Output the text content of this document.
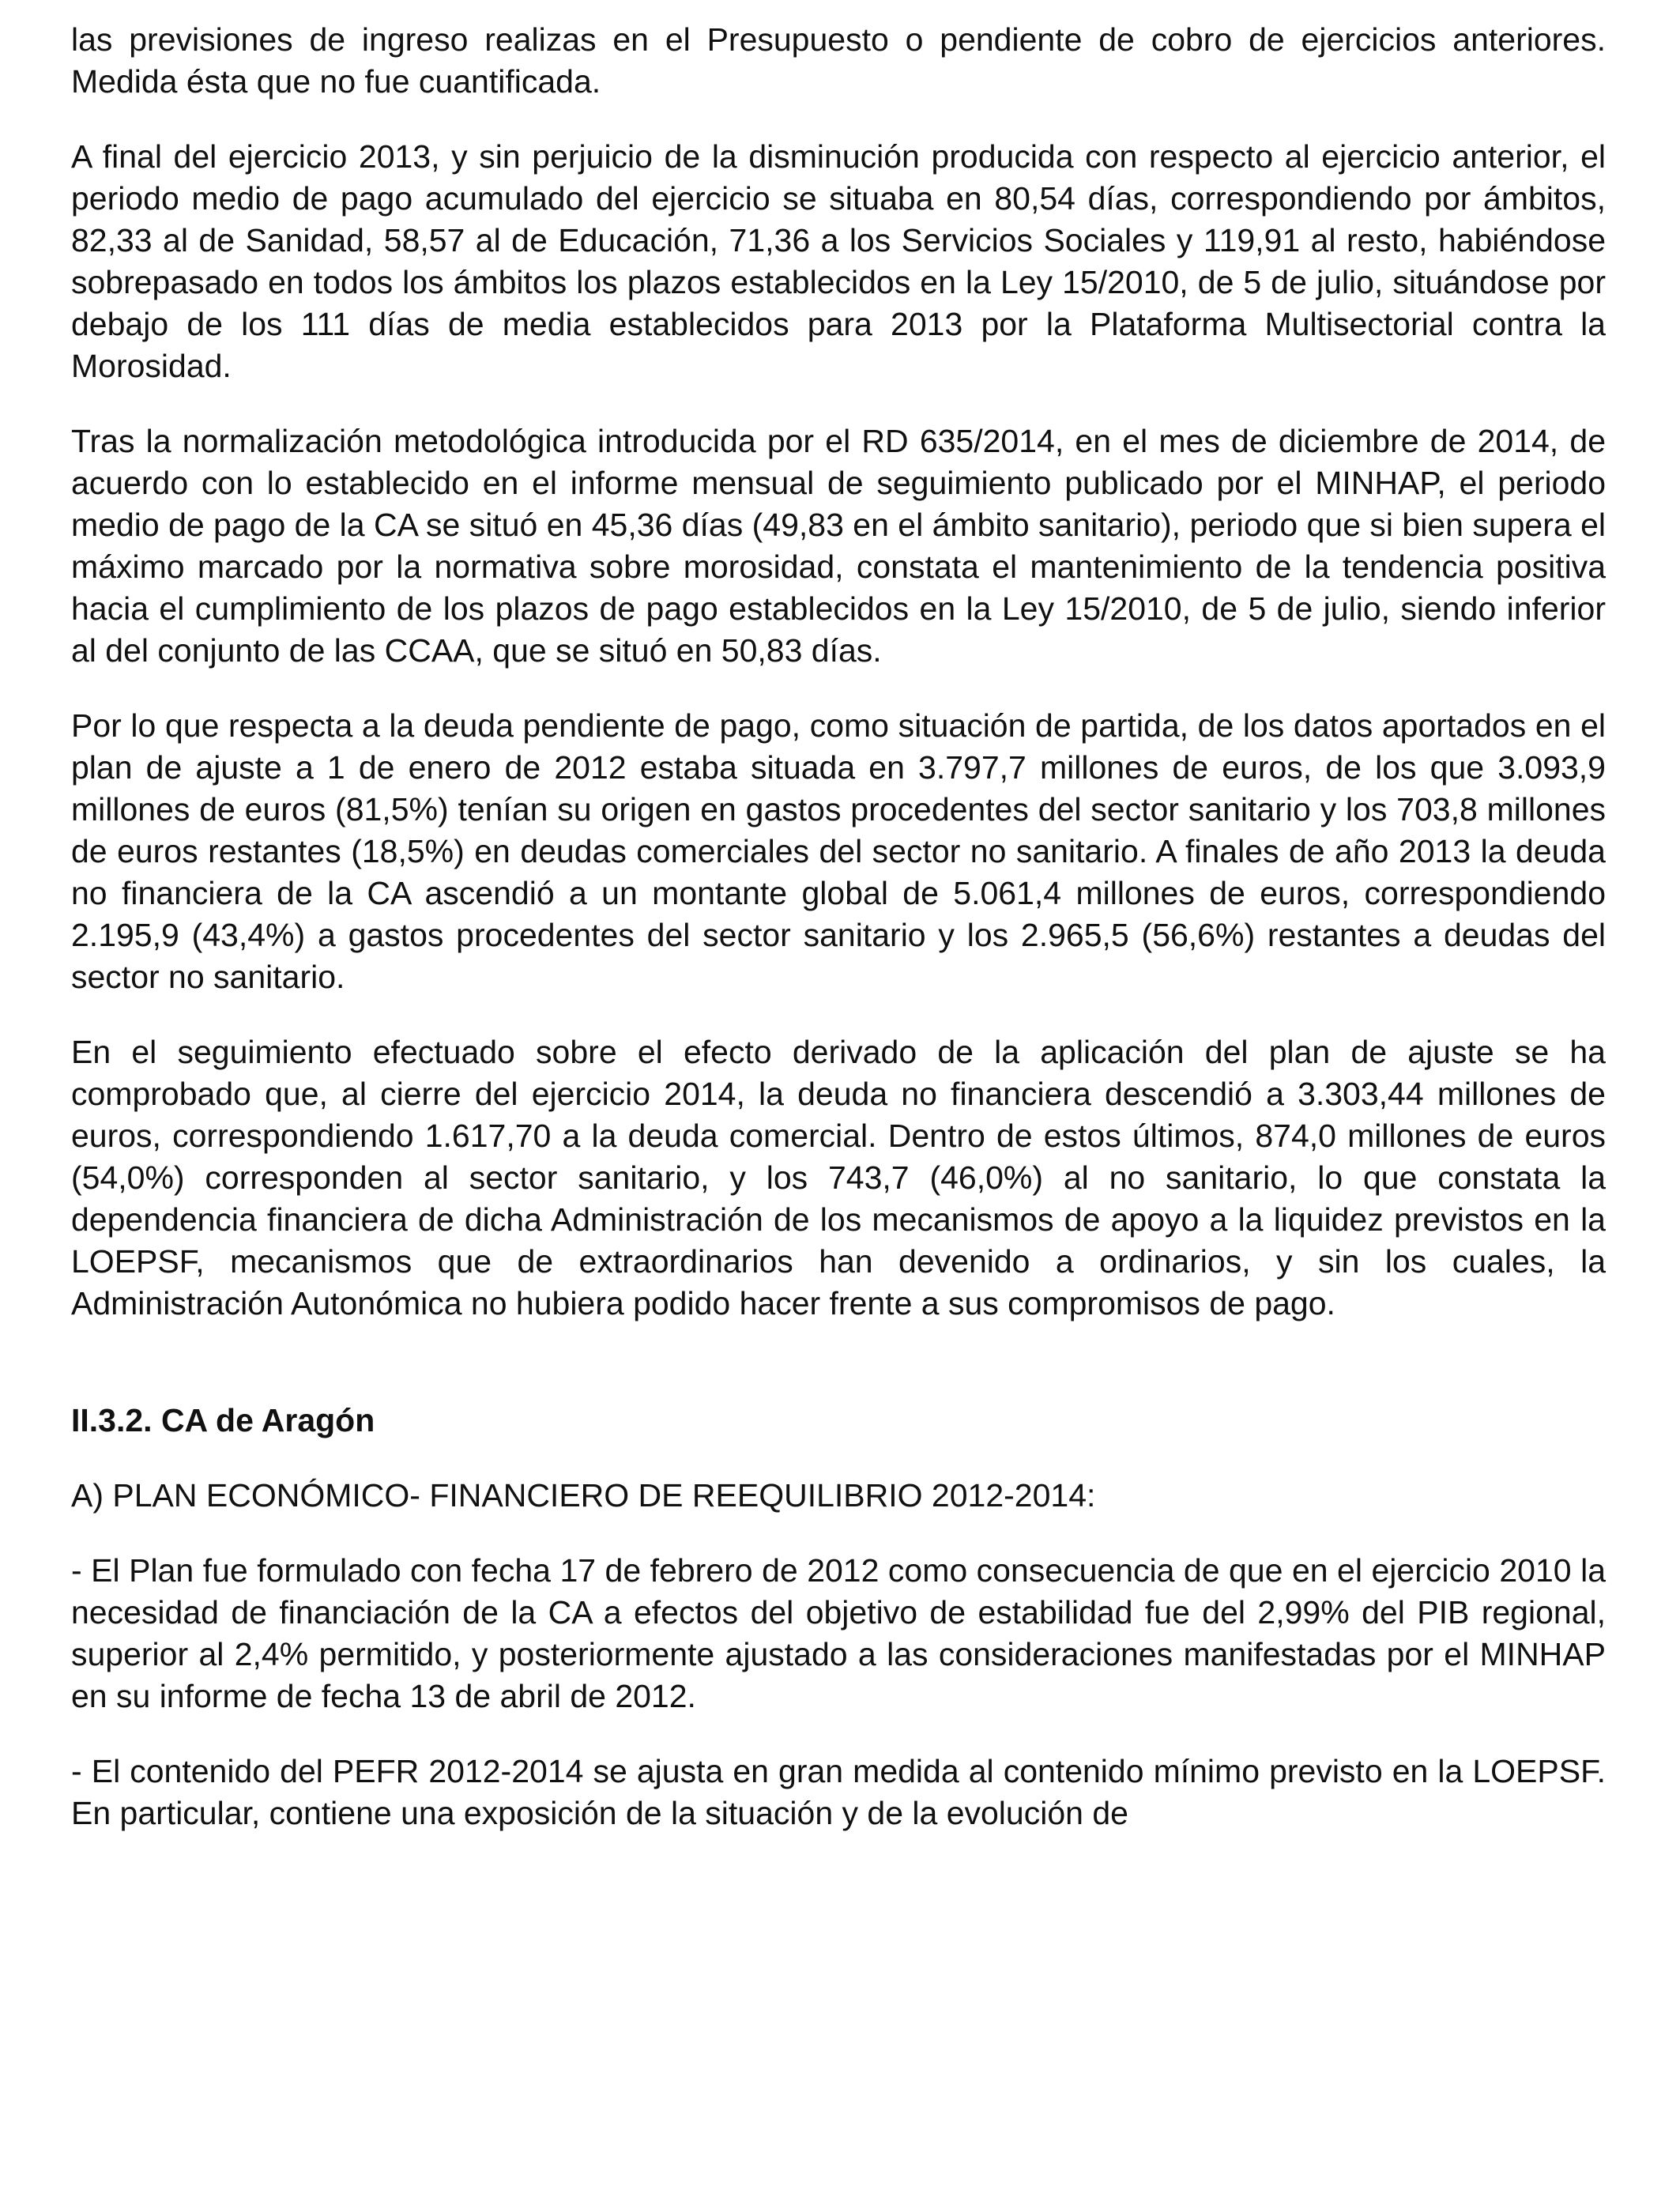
las previsiones de ingreso realizas en el Presupuesto o pendiente de cobro de ejercicios anteriores. Medida ésta que no fue cuantificada.

A final del ejercicio 2013, y sin perjuicio de la disminución producida con respecto al ejercicio anterior, el periodo medio de pago acumulado del ejercicio se situaba en 80,54 días, correspondiendo por ámbitos, 82,33 al de Sanidad, 58,57 al de Educación, 71,36 a los Servicios Sociales y 119,91 al resto, habiéndose sobrepasado en todos los ámbitos los plazos establecidos en la Ley 15/2010, de 5 de julio, situándose por debajo de los 111 días de media establecidos para 2013 por la Plataforma Multisectorial contra la Morosidad.

Tras la normalización metodológica introducida por el RD 635/2014, en el mes de diciembre de 2014, de acuerdo con lo establecido en el informe mensual de seguimiento publicado por el MINHAP, el periodo medio de pago de la CA se situó en 45,36 días (49,83 en el ámbito sanitario), periodo que si bien supera el máximo marcado por la normativa sobre morosidad, constata el mantenimiento de la tendencia positiva hacia el cumplimiento de los plazos de pago establecidos en la Ley 15/2010, de 5 de julio, siendo inferior al del conjunto de las CCAA, que se situó en 50,83 días.

Por lo que respecta a la deuda pendiente de pago, como situación de partida, de los datos aportados en el plan de ajuste a 1 de enero de 2012 estaba situada en 3.797,7 millones de euros, de los que 3.093,9 millones de euros (81,5%) tenían su origen en gastos procedentes del sector sanitario y los 703,8 millones de euros restantes (18,5%) en deudas comerciales del sector no sanitario. A finales de año 2013 la deuda no financiera de la CA ascendió a un montante global de 5.061,4 millones de euros, correspondiendo 2.195,9 (43,4%) a gastos procedentes del sector sanitario y los 2.965,5 (56,6%) restantes a deudas del sector no sanitario.

En el seguimiento efectuado sobre el efecto derivado de la aplicación del plan de ajuste se ha comprobado que, al cierre del ejercicio 2014, la deuda no financiera descendió a 3.303,44 millones de euros, correspondiendo 1.617,70 a la deuda comercial. Dentro de estos últimos, 874,0 millones de euros (54,0%) corresponden al sector sanitario, y los 743,7 (46,0%) al no sanitario, lo que constata la dependencia financiera de dicha Administración de los mecanismos de apoyo a la liquidez previstos en la LOEPSF, mecanismos que de extraordinarios han devenido a ordinarios, y sin los cuales, la Administración Autonómica no hubiera podido hacer frente a sus compromisos de pago.

II.3.2. CA de Aragón
A) PLAN ECONÓMICO- FINANCIERO DE REEQUILIBRIO 2012-2014:

- El Plan fue formulado con fecha 17 de febrero de 2012 como consecuencia de que en el ejercicio 2010 la necesidad de financiación de la CA a efectos del objetivo de estabilidad fue del 2,99% del PIB regional, superior al 2,4% permitido, y posteriormente ajustado a las consideraciones manifestadas por el MINHAP en su informe de fecha 13 de abril de 2012.

- El contenido del PEFR 2012-2014 se ajusta en gran medida al contenido mínimo previsto en la LOEPSF. En particular, contiene una exposición de la situación y de la evolución de
